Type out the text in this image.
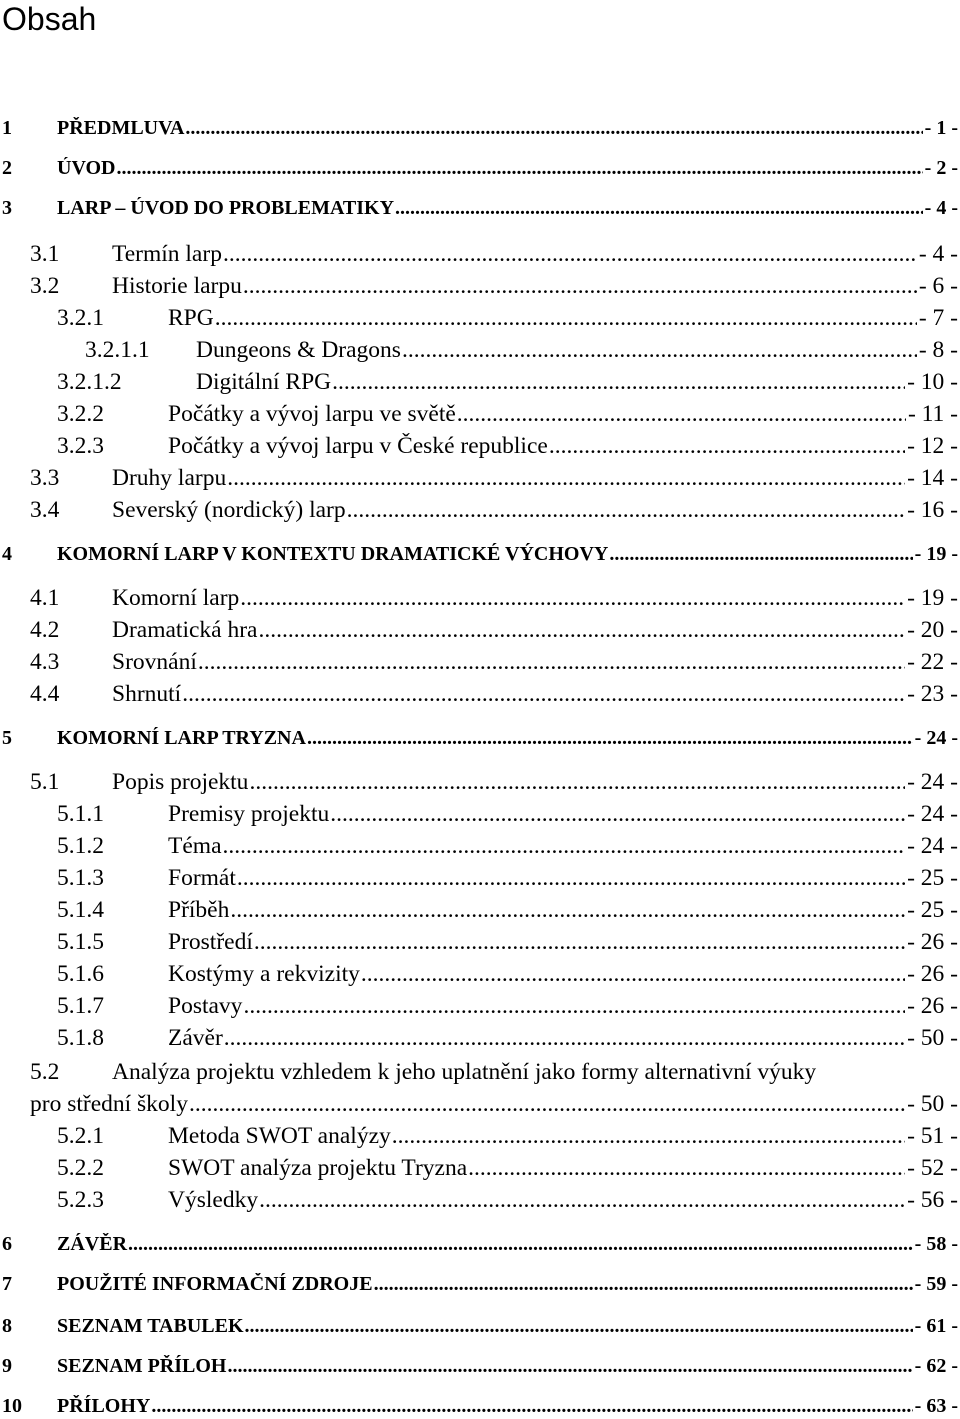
Obsah
1 PŘEDMLUVA .....	- 1 -
2 ÚVOD .....	- 2 -
3 LARP – ÚVOD DO PROBLEMATIKY .....	- 4 -
3.1 Termín larp .....	- 4 -
3.2 Historie larpu .....	- 6 -
3.2.1	RPG .....	- 7 -
3.2.1.1 Dungeons & Dragons .....	- 8 -
3.2.1.2	Digitální RPG .....	- 10 -
3.2.2	Počátky a vývoj larpu ve světě .....	- 11 -
3.2.3	Počátky a vývoj larpu v České republice .....	- 12 -
3.3 Druhy larpu .....	- 14 -
3.4 Severský (nordický) larp .....	- 16 -
4 KOMORNÍ LARP V KONTEXTU DRAMATICKÉ VÝCHOVY .....	- 19 -
4.1 Komorní larp .....	- 19 -
4.2 Dramatická hra .....	- 20 -
4.3 Srovnání .....	- 22 -
4.4 Shrnutí .....	- 23 -
5 KOMORNÍ LARP TRYZNA .....	- 24 -
5.1 Popis projektu .....	- 24 -
5.1.1	Premisy projektu .....	- 24 -
5.1.2	Téma .....	- 24 -
5.1.3	Formát .....	- 25 -
5.1.4	Příběh .....	- 25 -
5.1.5	Prostředí .....	- 26 -
5.1.6	Kostýmy a rekvizity .....	- 26 -
5.1.7	Postavy .....	- 26 -
5.1.8	Závěr .....	- 50 -
5.2 Analýza projektu vzhledem k jeho uplatnění jako formy alternativní výuky
pro střední školy .....	- 50 -
5.2.1	Metoda SWOT analýzy .....	- 51 -
5.2.2	SWOT analýza projektu Tryzna .....	- 52 -
5.2.3	Výsledky .....	- 56 -
6 ZÁVĚR .....	- 58 -
7 POUŽITÉ INFORMAČNÍ ZDROJE .....	- 59 -
8 SEZNAM TABULEK .....	- 61 -
9 SEZNAM PŘÍLOH .....	- 62 -
10 PŘÍLOHY .....	- 63 -
